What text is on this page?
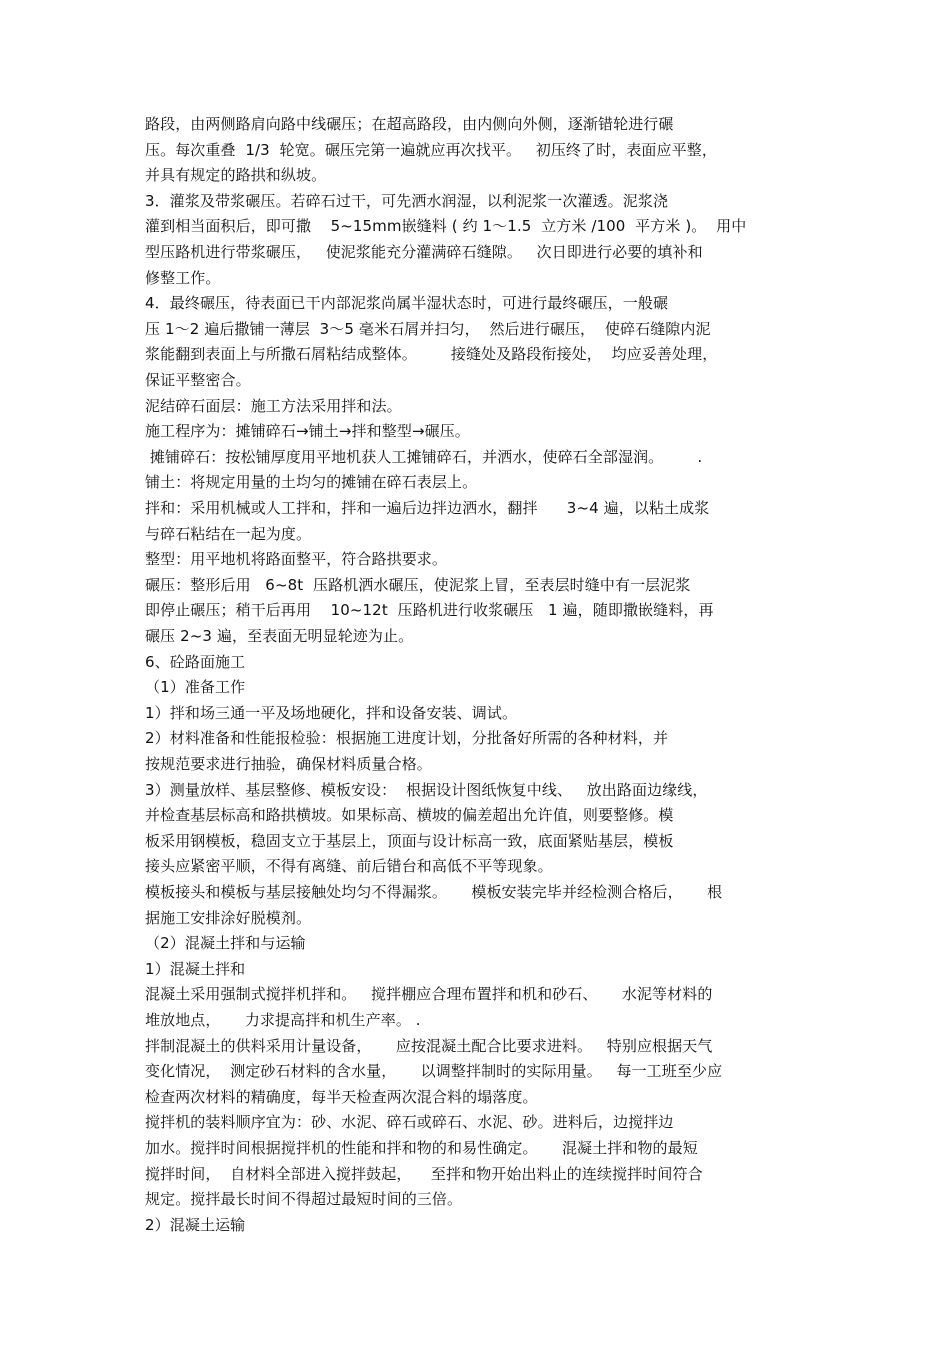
路段，由两侧路肩向路中线碾压；在超高路段，由内侧向外侧，逐渐错轮进行碾
压。每次重叠  1/3  轮宽。碾压完第一遍就应再次找平。   初压终了时，表面应平整，
并具有规定的路拱和纵坡。
3．灌浆及带浆碾压。若碎石过干，可先洒水润湿，以利泥浆一次灌透。泥浆浇
灌到相当面积后，即可撒    5~15mm嵌缝料 ( 约 1～1.5  立方米 /100  平方米 )。  用中
型压路机进行带浆碾压，   使泥浆能充分灌满碎石缝隙。   次日即进行必要的填补和
修整工作。
4．最终碾压，待表面已干内部泥浆尚属半湿状态时，可进行最终碾压，一般碾
压 1～2 遍后撒铺一薄层  3～5 毫米石屑并扫匀，  然后进行碾压，  使碎石缝隙内泥
浆能翻到表面上与所撒石屑粘结成整体。       接缝处及路段衔接处，  均应妥善处理，
保证平整密合。
泥结碎石面层：施工方法采用拌和法。
施工程序为：摊铺碎石→铺土→拌和整型→碾压。
摊铺碎石：按松铺厚度用平地机获人工摊铺碎石，并洒水，使碎石全部湿润。       .
铺土：将规定用量的土均匀的摊铺在碎石表层上。
拌和：采用机械或人工拌和，拌和一遍后边拌边洒水，翻拌      3~4 遍，以粘土成浆
与碎石粘结在一起为度。
整型：用平地机将路面整平，符合路拱要求。
碾压：整形后用   6~8t  压路机洒水碾压，使泥浆上冒，至表层时缝中有一层泥浆
即停止碾压；稍干后再用    10~12t  压路机进行收浆碾压   1 遍，随即撒嵌缝料，再
碾压 2~3 遍，至表面无明显轮迹为止。
6、砼路面施工
（1）准备工作
1）拌和场三通一平及场地硬化，拌和设备安装、调试。
2）材料准备和性能报检验：根据施工进度计划，分批备好所需的各种材料，并
按规范要求进行抽验，确保材料质量合格。
3）测量放样、基层整修、模板安设：  根据设计图纸恢复中线、   放出路面边缘线，
并检查基层标高和路拱横坡。如果标高、横坡的偏差超出允许值，则要整修。模
板采用钢模板，稳固支立于基层上，顶面与设计标高一致，底面紧贴基层，模板
接头应紧密平顺，不得有离缝、前后错台和高低不平等现象。
模板接头和模板与基层接触处均匀不得漏浆。     模板安装完毕并经检测合格后，     根
据施工安排涂好脱模剂。
（2）混凝土拌和与运输
1）混凝土拌和
混凝土采用强制式搅拌机拌和。   搅拌棚应合理布置拌和机和砂石、     水泥等材料的
堆放地点，     力求提高拌和机生产率。 .
拌制混凝土的供料采用计量设备，     应按混凝土配合比要求进料。   特别应根据天气
变化情况，  测定砂石材料的含水量，     以调整拌制时的实际用量。   每一工班至少应
检查两次材料的精确度，每半天检查两次混合料的塌落度。
搅拌机的装料顺序宜为：砂、水泥、碎石或碎石、水泥、砂。进料后，边搅拌边
加水。搅拌时间根据搅拌机的性能和拌和物的和易性确定。     混凝土拌和物的最短
搅拌时间，  自材料全部进入搅拌鼓起，    至拌和物开始出料止的连续搅拌时间符合
规定。搅拌最长时间不得超过最短时间的三倍。
2）混凝土运输
